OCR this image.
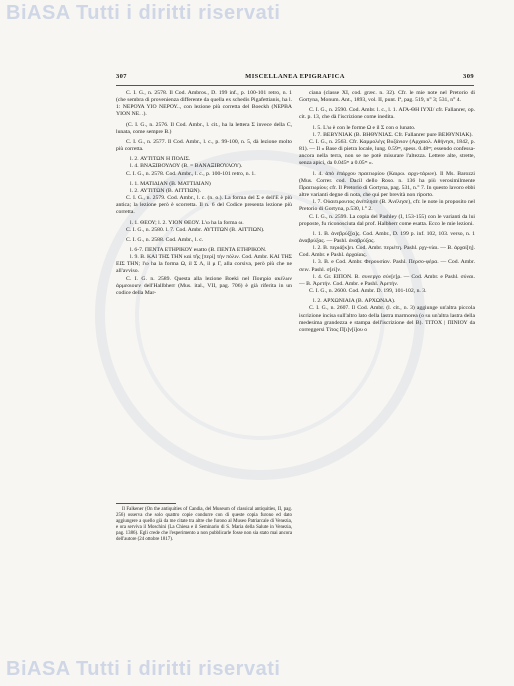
BiASA Tutti i diritti riservati
BiASA Tutti i diritti riservati
307	MISCELLANEA EPIGRAFICA	309

C. I. G., n. 2578. Il Cod. Ambros., D. 199 inf., p. 100-101 retro, n. 1 (che sembra di provenienza differente da quella ex schedis Pigafettianis, ha l. 1: ΝΕΡΟΥΑ ΥΙΟ ΝΕΡΟΥ.., con lezione più corretta del Boeckh (ΝΕΡΒΑ ΥΙΟΝ ΝΕ. .).

(C. I. G., n. 2576. Il Cod. Ambr., l. cit., ha la lettera Σ invece della C, lunata, come sempre B.)

C. I. G., n. 2577. Il Cod. Ambr., l. c., p. 99-100, n. 5, dà lezione molto più corretta.

l. 2. ΑΥΤΙΤΩΝ Η ΠΟΛΙΣ.

l. 4. ΒΝΑΞΙΒΟΥΛΟΥ (B. = ΒΑΝΑΞΙΒΟΥΛΟΥ).

C. I. G., n. 2578. Cod. Ambr., l. c., p. 100-101 retro, n. 1.

l. 1. ΜΑΤΙΔΙΑΝ (B. ΜΑΤΤΙΔΙΑΝ)

l. 2. ΑΥΤΙΤΩΝ (B. ΑΙΤΤΙΩΝ).

C. I. G., n. 2579. Cod. Ambr., l. c. (n. o.). La forma del Σ e dell'E è più antica; la lezione però è scorretta. Il n. 6 del Codice presenta lezione più corretta.

l. 1. ΘΕΟΥ; l. 2. ΥΙΟΝ ΘΕΟΥ. L'ω ha la forma ω.

C. I. G., n. 2580. l. 7. Cod. Ambr. ΑΥΤΙΤΩΝ (B. ΑΙΤΤΙΩΝ).

C. I. G., n. 2588. Cod. Ambr., l. c.

l. 6-7. ΠΕΝΤΑ ΕΤΗΡΙΚΟΥ esatto (B. ΠΕΝΤΑ ΕΤΗΡΙΚΟΝ.

l. 9. B. ΚΑΙ ΤΗΣ ΤΗΝ καὶ τῆς [περὶ] τὴν πόλιν. Cod. Ambr. ΚΑΙ ΤΗΣ ΕΙΣ ΤΗΝ; l'ω ha la forma Ω, il Σ Λ, il μ Γ, alla corsiva, però più che ne all'avviso.

C. I. G. n. 2589. Questa alla lezione Boeki nel Ποιηρίο ακέλων άρμεοιοιεν dell'Hallbherr (Mus. ital., VII, pag. 706) è già riferita in un codice della Mar-

ciana (classe XI, cod. græc. n. 32). Cfr. le mie note nel Pretorio di Gortyna, Monum. Ant., 1893, vol. II, punt. Iª, pag. 519, n° 3; 531, n° 4.

C. I. G., n. 2590. Cod. Ambr. l. c., l. 1. ΑΓΑ-ΘΗ ΙΥΧΙ/ cfr. Fallanrer, op. cit. p. 13, che dà l'iscrizione come inedita.

l. 5. L'ω è con le forme Ω e il Σ con o lunato.

l. 7. ΒΕΒΥΝΙΑΚ (B. ΒΗΘΥΝΙΑΣ. Cfr. Fallanrer pure ΒΕΙΘΥΝΙΑΚ).

C. I. G., n. 2563. Cfr. Καμμολέγς Βυζάνιον (Αρχαιολ. Αθήνησι, 1842, p. 81). — Il « Base di pietra locale, lung. 0.59ᵐ, spess. 0.48ᵐ; essendo confessa-ancora nella terra, non se ne potè misurare l'altezza. Lettere alte, strette, senza apici, da 0.045ᵐ a 0.05ᵐ ».

l. 4. ἀπὸ ἐπάρχου πραιτωρίου (Καιρω. αρχι-τάρων). Il Ms. Barozzi (Mus. Correr. cod. Dacil dello Roso. n. 136 ha più verosimilmente Πραιτωρίου; cfr. Il Pretorio di Gortyna, pag. 531, n.° 7. In questo lavoro ebbi altre varianti degne di nota, che qui per brevità non riporto.

l. 7. Οὐαιτιρουτος ἀνέπλησε (B. Ἀνέλησε), cfr. le note in proposito nel Pretorio di Gortyna, p.530, l.° 2.

C. I. G., n. 2599. La copia del Pashley (I, 153-155) con le varianti da lui proposte, fu riconosciuta dal prof. Halbherr come esatta. Ecco le mie lezioni.

l. 1. B. ἀνεβρύξ[α]ς. Cod. Ambr., D. 199 p. inf. 102, 103. verso, n. 1 ἀναβρύξας. — Pashl. ἀναβρύξας.

l. 2. B. περιά[κ]ει. Cod. Ambr. περιέτη. Pashl. ρχγ-νίαι. — B. ἀρχαί[η]. Cod. Ambr. e Pashl. ἀρχαίαις.

l. 3. B. e Cod. Ambr. Φερουσίαν. Pashl. Περσο-φέρα. — Cod. Ambr. σειν. Pashl. σ[εί]ν.

l. 4. Gr. ΕΙΠΟΝ. B. συνεργο σύν[ε]ρ. — Cod. Ambr. e Pashl. σύναι. — B. Ἀρετήν. Cod. Ambr. e Pashl. Ἀρετήν.

C. I. G., n. 2600. Cod. Ambr. D. 199, 101-102, n. 3.

l. 2. ΑΡΧΩΝΙΑΙΑ (B. ΑΡΧΩΝΔΑ).

C. I. G., n. 2607. Il Cod. Ambr. (l. cit., n. 3) aggiunge un'altra piccola iscrizione incisa sull'altro lato della lastra marmorea (o su un'altra lastra della medesima grandezza e stampa dell'iscrizione del B). ΤΙΤΟΧ | ΠΙΝΙΟΥ da correggersi Τίτος Π[ι]ν[ί]ου ο

Il Falkener (On the antiquities of Candia, del Museum of classical antiquities, II, pag. 256) osserva che solo quattro copie condurre con di queste copia furono ed dato aggiungere a quello già da me citate tra altre che furono al Museo Patriarcale di Venezia, e ora serviva il Moschini (La Chiesa e il Seminario di S. Maria della Salute in Venezia, pag. 1386). Egli crede che l'esperimento a non pubblicarle fosse non sia stato mai ancora dell'autore (24 ottobre 1817).
